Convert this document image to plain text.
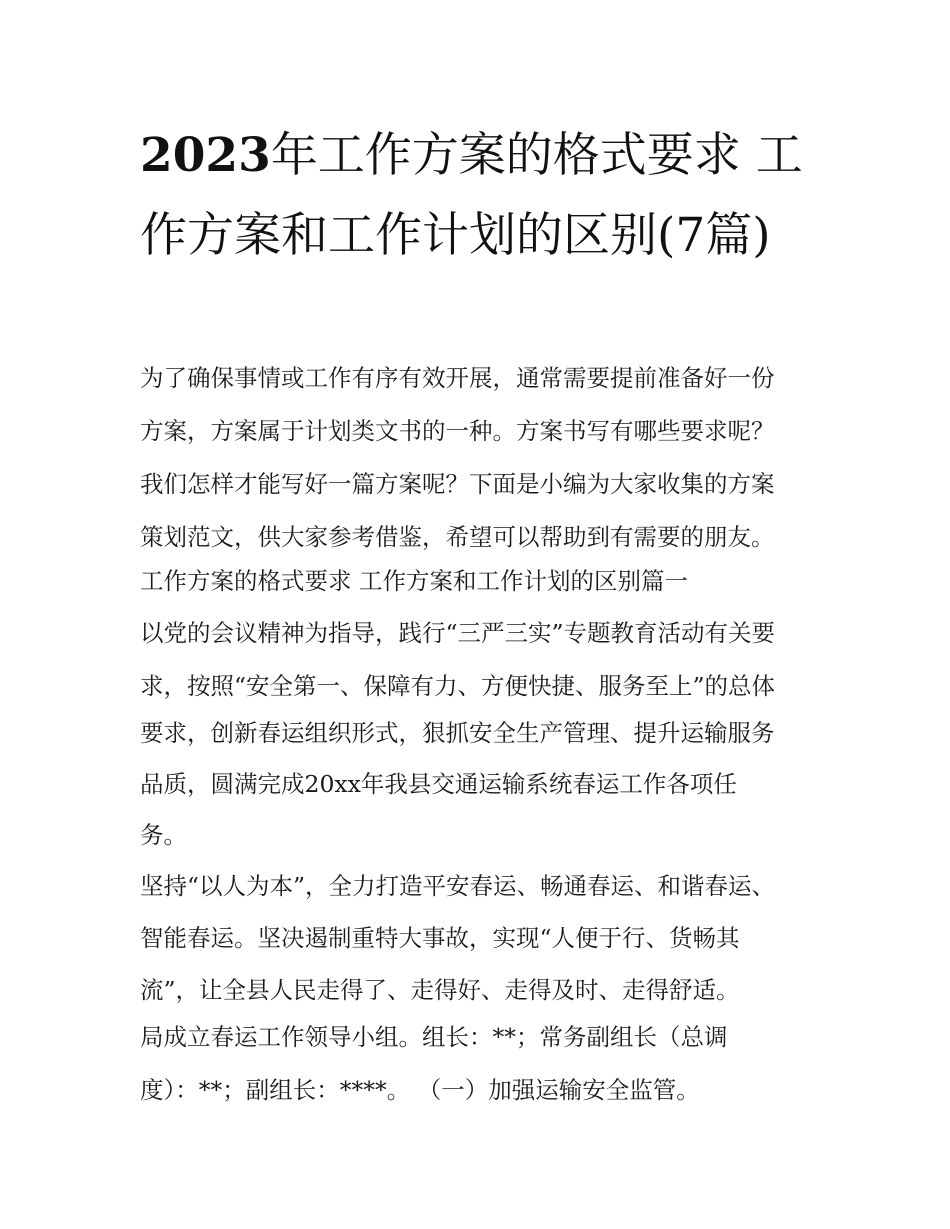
2023年工作方案的格式要求 工作方案和工作计划的区别(7篇)

为了确保事情或工作有序有效开展，通常需要提前准备好一份

方案，方案属于计划类文书的一种。方案书写有哪些要求呢？

我们怎样才能写好一篇方案呢？下面是小编为大家收集的方案

策划范文，供大家参考借鉴，希望可以帮助到有需要的朋友。

工作方案的格式要求 工作方案和工作计划的区别篇一

以党的会议精神为指导，践行“三严三实”专题教育活动有关要

求，按照“安全第一、保障有力、方便快捷、服务至上”的总体

要求，创新春运组织形式，狠抓安全生产管理、提升运输服务

品质，圆满完成20xx年我县交通运输系统春运工作各项任

务。

坚持“以人为本”，全力打造平安春运、畅通春运、和谐春运、

智能春运。坚决遏制重特大事故，实现“人便于行、货畅其

流”，让全县人民走得了、走得好、走得及时、走得舒适。

局成立春运工作领导小组。组长：**；常务副组长（总调

度）：**；副组长：****。 （一）加强运输安全监管。
